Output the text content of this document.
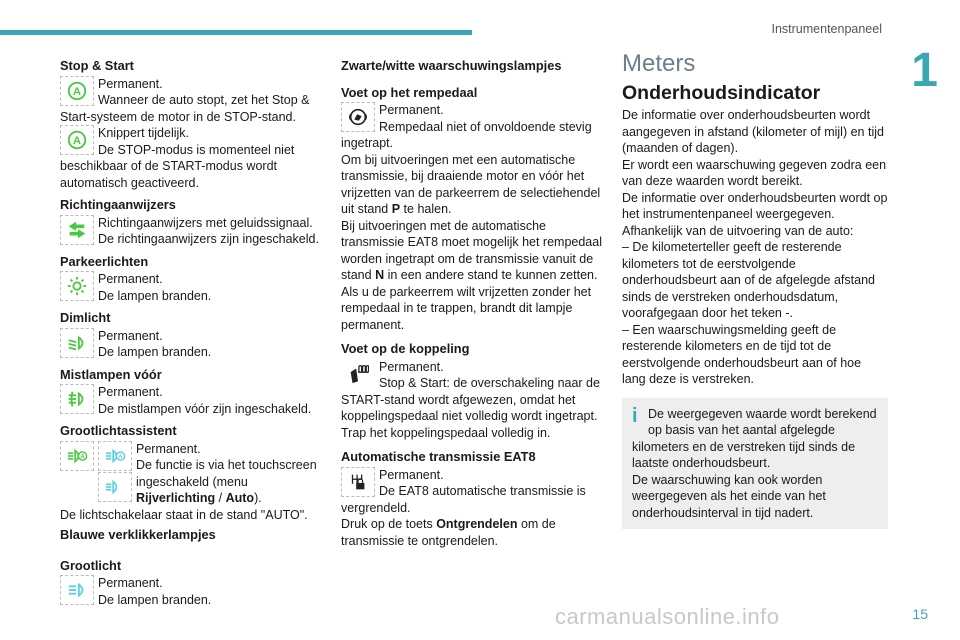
Instrumentenpaneel
1
Stop & Start
A

Permanent.

Wanneer de auto stopt, zet het Stop & Start-systeem de motor in de STOP-stand.

A

Knippert tijdelijk.

De STOP-modus is momenteel niet beschikbaar of de START-modus wordt automatisch geactiveerd.

Richtingaanwijzers

Richtingaanwijzers met geluidssignaal.

De richtingaanwijzers zijn ingeschakeld.

Parkeerlichten

Permanent.

De lampen branden.

Dimlicht

Permanent.

De lampen branden.

Mistlampen vóór

Permanent.

De mistlampen vóór zijn ingeschakeld.

Grootlichtassistent
A	A

Permanent.

De functie is via het touchscreen ingeschakeld (menu Rijverlichting / Auto).

De lichtschakelaar staat in de stand "AUTO".

Blauwe verklikkerlampjes
Grootlicht

Permanent.

De lampen branden.

Zwarte/witte waarschuwingslampjes
Voet op het rempedaal

Permanent.

Rempedaal niet of onvoldoende stevig ingetrapt.

Om bij uitvoeringen met een automatische transmissie, bij draaiende motor en vóór het vrijzetten van de parkeerrem de selectiehendel uit stand P te halen.

Bij uitvoeringen met de automatische transmissie EAT8 moet mogelijk het rempedaal worden ingetrapt om de transmissie vanuit de stand N in een andere stand te kunnen zetten.

Als u de parkeerrem wilt vrijzetten zonder het rempedaal in te trappen, brandt dit lampje permanent.

Voet op de koppeling

Permanent.

Stop & Start: de overschakeling naar de START-stand wordt afgewezen, omdat het koppelingspedaal niet volledig wordt ingetrapt.

Trap het koppelingspedaal volledig in.

Automatische transmissie EAT8

Permanent.

De EAT8 automatische transmissie is vergrendeld.

Druk op de toets Ontgrendelen om de transmissie te ontgrendelen.

Meters
Onderhoudsindicator

De informatie over onderhoudsbeurten wordt aangegeven in afstand (kilometer of mijl) en tijd (maanden of dagen).

Er wordt een waarschuwing gegeven zodra een van deze waarden wordt bereikt.

De informatie over onderhoudsbeurten wordt op het instrumentenpaneel weergegeven.

Afhankelijk van de uitvoering van de auto:

– De kilometerteller geeft de resterende kilometers tot de eerstvolgende onderhoudsbeurt aan of de afgelegde afstand sinds de verstreken onderhoudsdatum, voorafgegaan door het teken -.

– Een waarschuwingsmelding geeft de resterende kilometers en de tijd tot de eerstvolgende onderhoudsbeurt aan of hoe lang deze is verstreken.

i De weergegeven waarde wordt berekend op basis van het aantal afgelegde kilometers en de verstreken tijd sinds de laatste onderhoudsbeurt.

De waarschuwing kan ook worden weergegeven als het einde van het onderhoudsinterval in tijd nadert.

carmanualsonline.info	15
